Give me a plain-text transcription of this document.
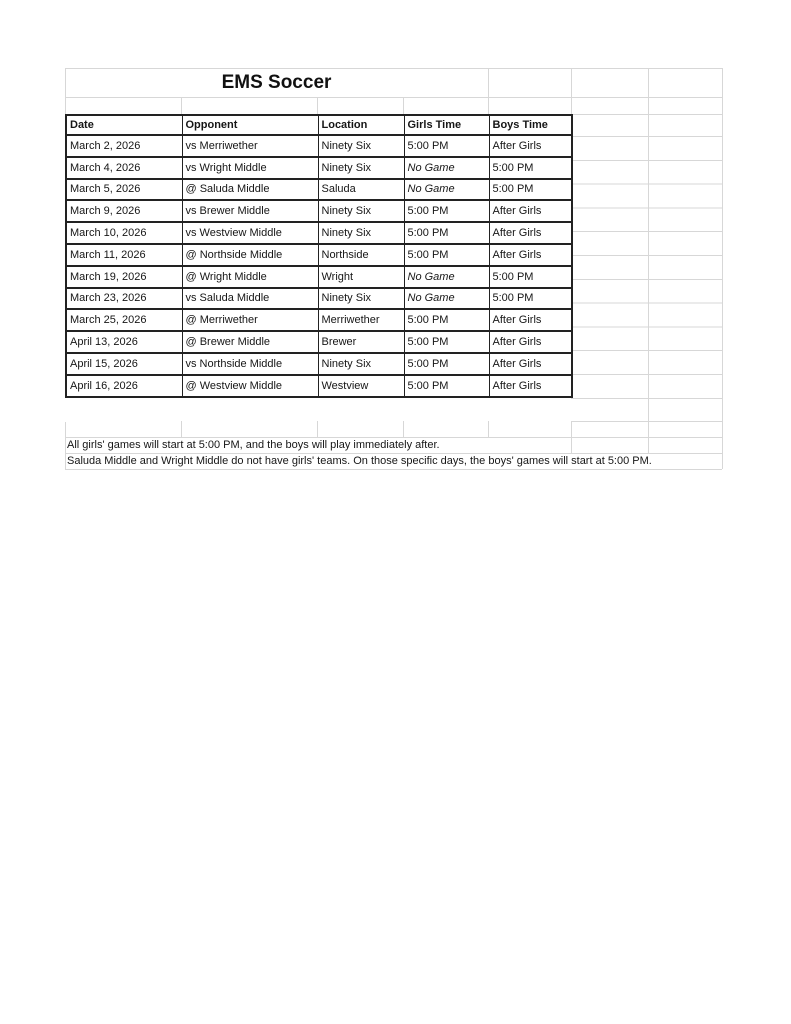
EMS Soccer
Date	Opponent	Location	Girls Time	Boys Time
March 2, 2026	vs Merriwether	Ninety Six	5:00 PM	After Girls
March 4, 2026	vs Wright Middle	Ninety Six	No Game	5:00 PM
March 5, 2026	@ Saluda Middle	Saluda	No Game	5:00 PM
March 9, 2026	vs Brewer Middle	Ninety Six	5:00 PM	After Girls
March 10, 2026	vs Westview Middle	Ninety Six	5:00 PM	After Girls
March 11, 2026	@ Northside Middle	Northside	5:00 PM	After Girls
March 19, 2026	@ Wright Middle	Wright	No Game	5:00 PM
March 23, 2026	vs Saluda Middle	Ninety Six	No Game	5:00 PM
March 25, 2026	@ Merriwether	Merriwether	5:00 PM	After Girls
April 13, 2026	@ Brewer Middle	Brewer	5:00 PM	After Girls
April 15, 2026	vs Northside Middle	Ninety Six	5:00 PM	After Girls
April 16, 2026	@ Westview Middle	Westview	5:00 PM	After Girls
All girls' games will start at 5:00 PM, and the boys will play immediately after.
Saluda Middle and Wright Middle do not have girls' teams. On those specific days, the boys' games will start at 5:00 PM.
